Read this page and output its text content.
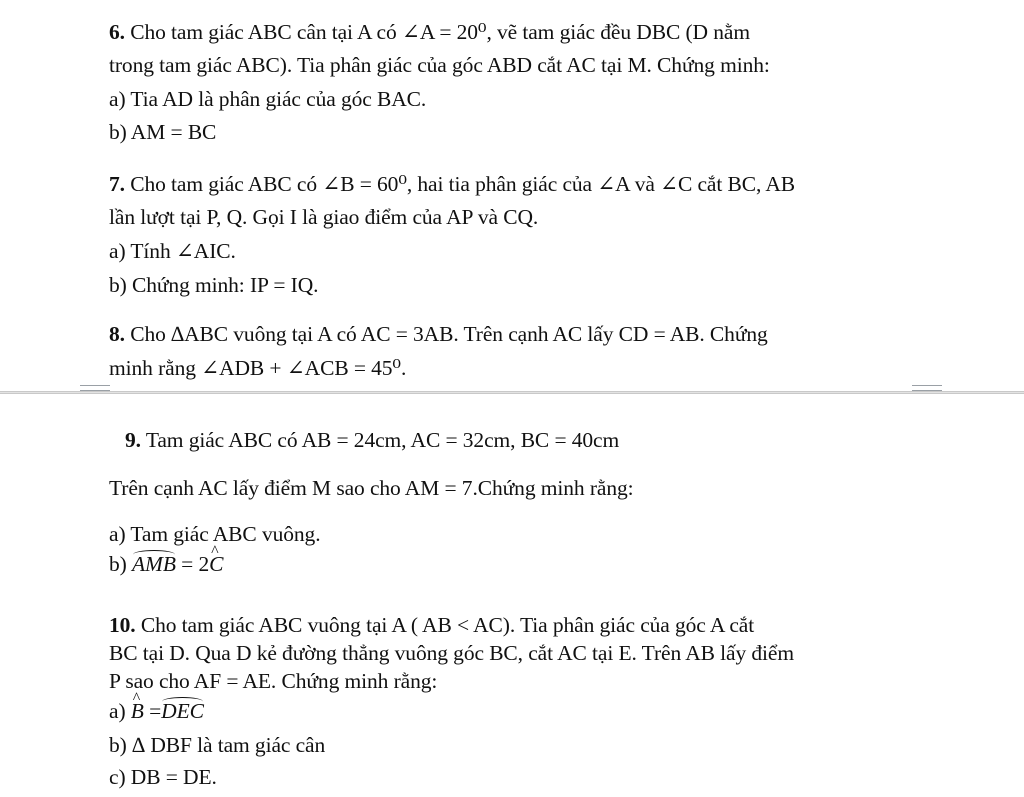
6. Cho tam giác ABC cân tại A có ∠A = 20⁰, vẽ tam giác đều DBC (D nằm
trong tam giác ABC). Tia phân giác của góc ABD cắt AC tại M. Chứng minh:
a) Tia AD là phân giác của góc BAC.
b) AM = BC
7. Cho tam giác ABC có ∠B = 60⁰, hai tia phân giác của ∠A và ∠C cắt BC, AB
lần lượt tại P, Q. Gọi I là giao điểm của AP và CQ.
a) Tính ∠AIC.
b) Chứng minh: IP = IQ.
8. Cho ∆ABC vuông tại A có AC = 3AB. Trên cạnh AC lấy CD = AB. Chứng
minh rằng ∠ADB + ∠ACB = 45⁰.
9. Tam giác ABC có AB = 24cm, AC = 32cm, BC = 40cm
Trên cạnh AC lấy điểm M sao cho AM = 7.Chứng minh rằng:
a) Tam giác ABC vuông.
b) AMB = 2^ C
10. Cho tam giác ABC vuông tại A ( AB < AC). Tia phân giác của góc A cắt
BC tại D. Qua D kẻ đường thẳng vuông góc BC, cắt AC tại E. Trên AB lấy điểm
P sao cho AF = AE. Chứng minh rằng:
a) ^ B =DEC
b) ∆ DBF là tam giác cân
c) DB = DE.
